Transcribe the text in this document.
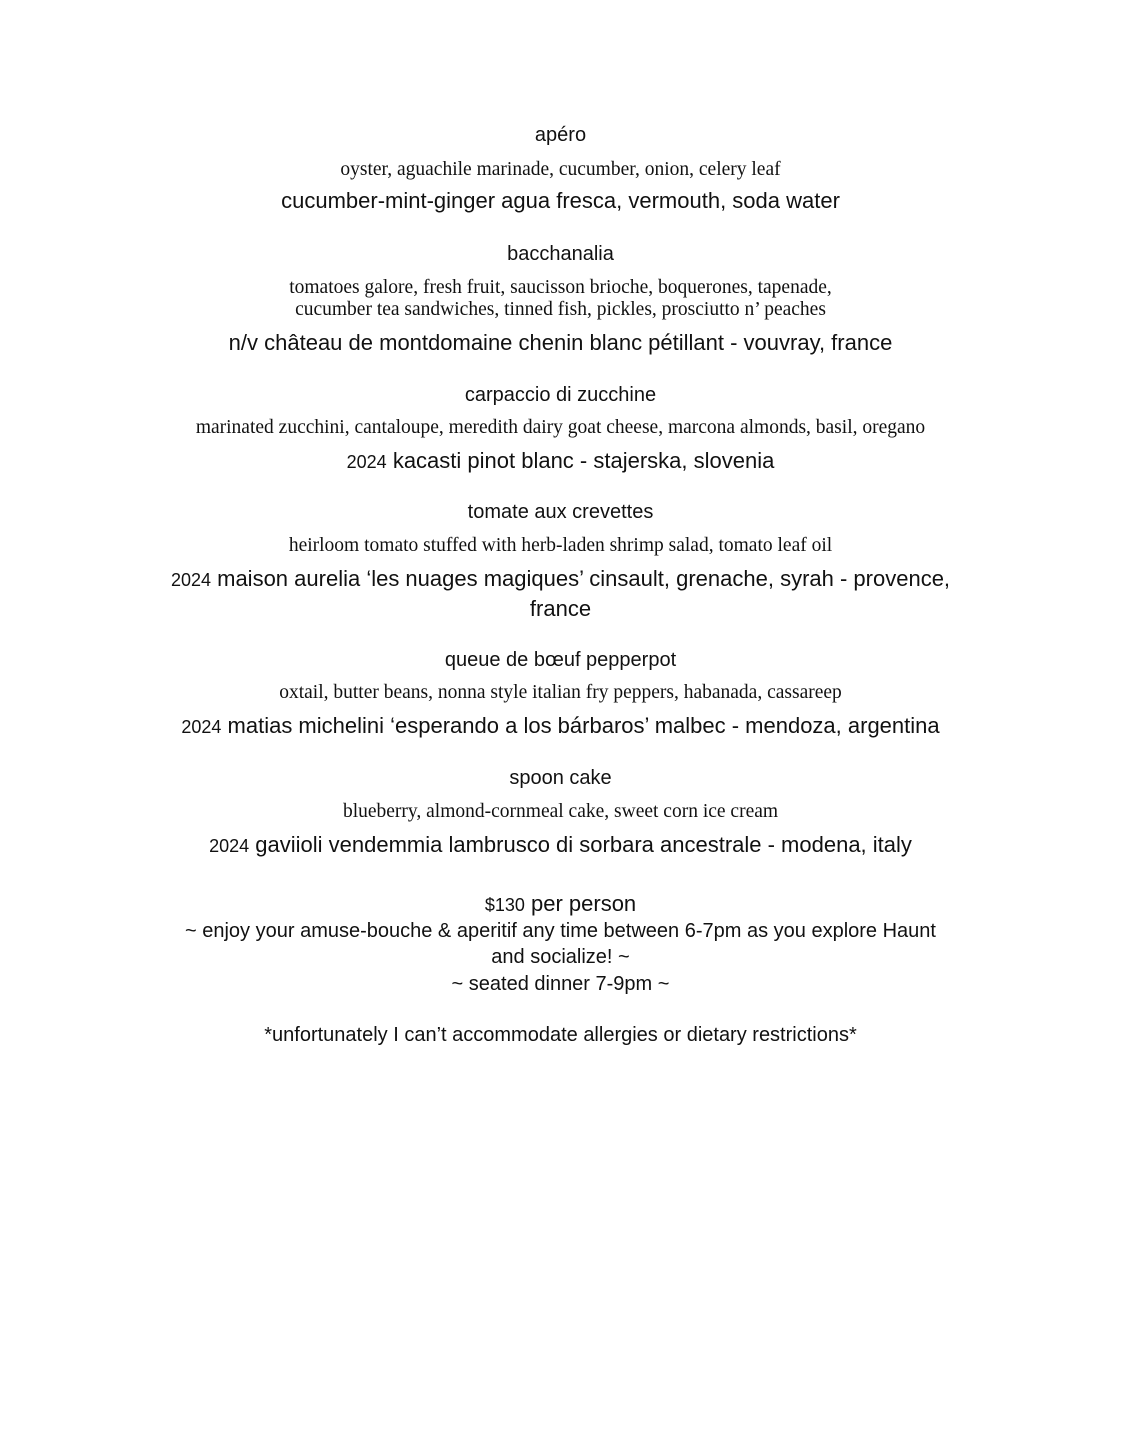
apéro
oyster, aguachile marinade, cucumber, onion, celery leaf
cucumber-mint-ginger agua fresca, vermouth, soda water
bacchanalia
tomatoes galore, fresh fruit, saucisson brioche, boquerones, tapenade,
cucumber tea sandwiches, tinned fish, pickles, prosciutto n’ peaches
n/v château de montdomaine chenin blanc pétillant - vouvray, france
carpaccio di zucchine
marinated zucchini, cantaloupe, meredith dairy goat cheese, marcona almonds, basil, oregano
2024 kacasti pinot blanc - stajerska, slovenia
tomate aux crevettes
heirloom tomato stuffed with herb-laden shrimp salad, tomato leaf oil
2024 maison aurelia ‘les nuages magiques’ cinsault, grenache, syrah - provence,
france
queue de bœuf pepperpot
oxtail, butter beans, nonna style italian fry peppers, habanada, cassareep
2024 matias michelini ‘esperando a los bárbaros’ malbec - mendoza, argentina
spoon cake
blueberry, almond-cornmeal cake, sweet corn ice cream
2024 gaviioli vendemmia lambrusco di sorbara ancestrale - modena, italy
$130 per person
~ enjoy your amuse-bouche & aperitif any time between 6-7pm as you explore Haunt
and socialize! ~
~ seated dinner 7-9pm ~
*unfortunately I can’t accommodate allergies or dietary restrictions*
